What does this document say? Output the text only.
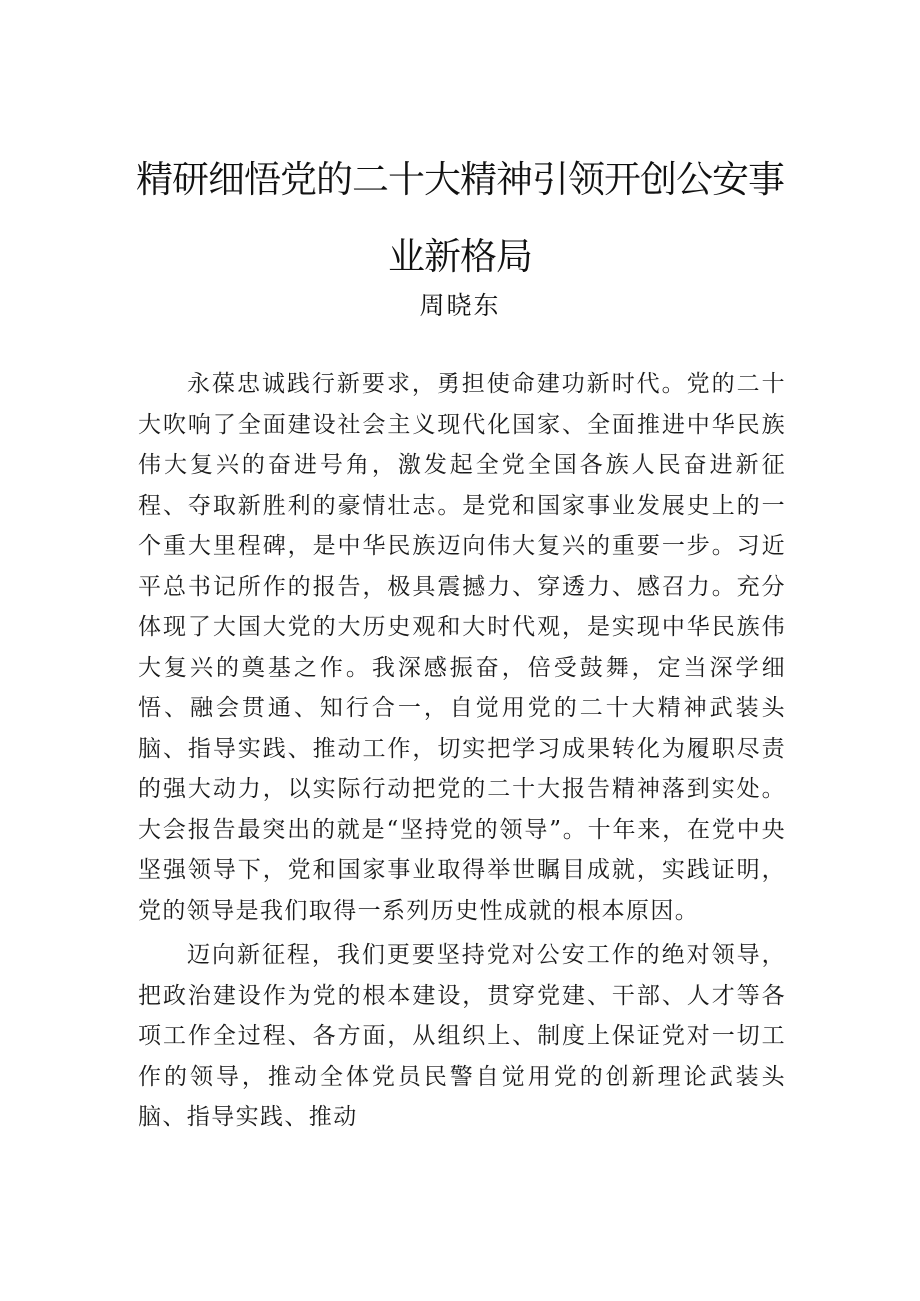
精研细悟党的二十大精神引领开创公安事
业新格局
周晓东

永葆忠诚践行新要求，勇担使命建功新时代。党的二十大吹响了全面建设社会主义现代化国家、全面推进中华民族伟大复兴的奋进号角，激发起全党全国各族人民奋进新征程、夺取新胜利的豪情壮志。是党和国家事业发展史上的一个重大里程碑，是中华民族迈向伟大复兴的重要一步。习近平总书记所作的报告，极具震撼力、穿透力、感召力。充分体现了大国大党的大历史观和大时代观，是实现中华民族伟大复兴的奠基之作。我深感振奋，倍受鼓舞，定当深学细悟、融会贯通、知行合一，自觉用党的二十大精神武装头脑、指导实践、推动工作，切实把学习成果转化为履职尽责的强大动力，以实际行动把党的二十大报告精神落到实处。大会报告最突出的就是“坚持党的领导”。十年来，在党中央坚强领导下，党和国家事业取得举世瞩目成就，实践证明，党的领导是我们取得一系列历史性成就的根本原因。

迈向新征程，我们更要坚持党对公安工作的绝对领导，把政治建设作为党的根本建设，贯穿党建、干部、人才等各项工作全过程、各方面，从组织上、制度上保证党对一切工作的领导，推动全体党员民警自觉用党的创新理论武装头脑、指导实践、推动
